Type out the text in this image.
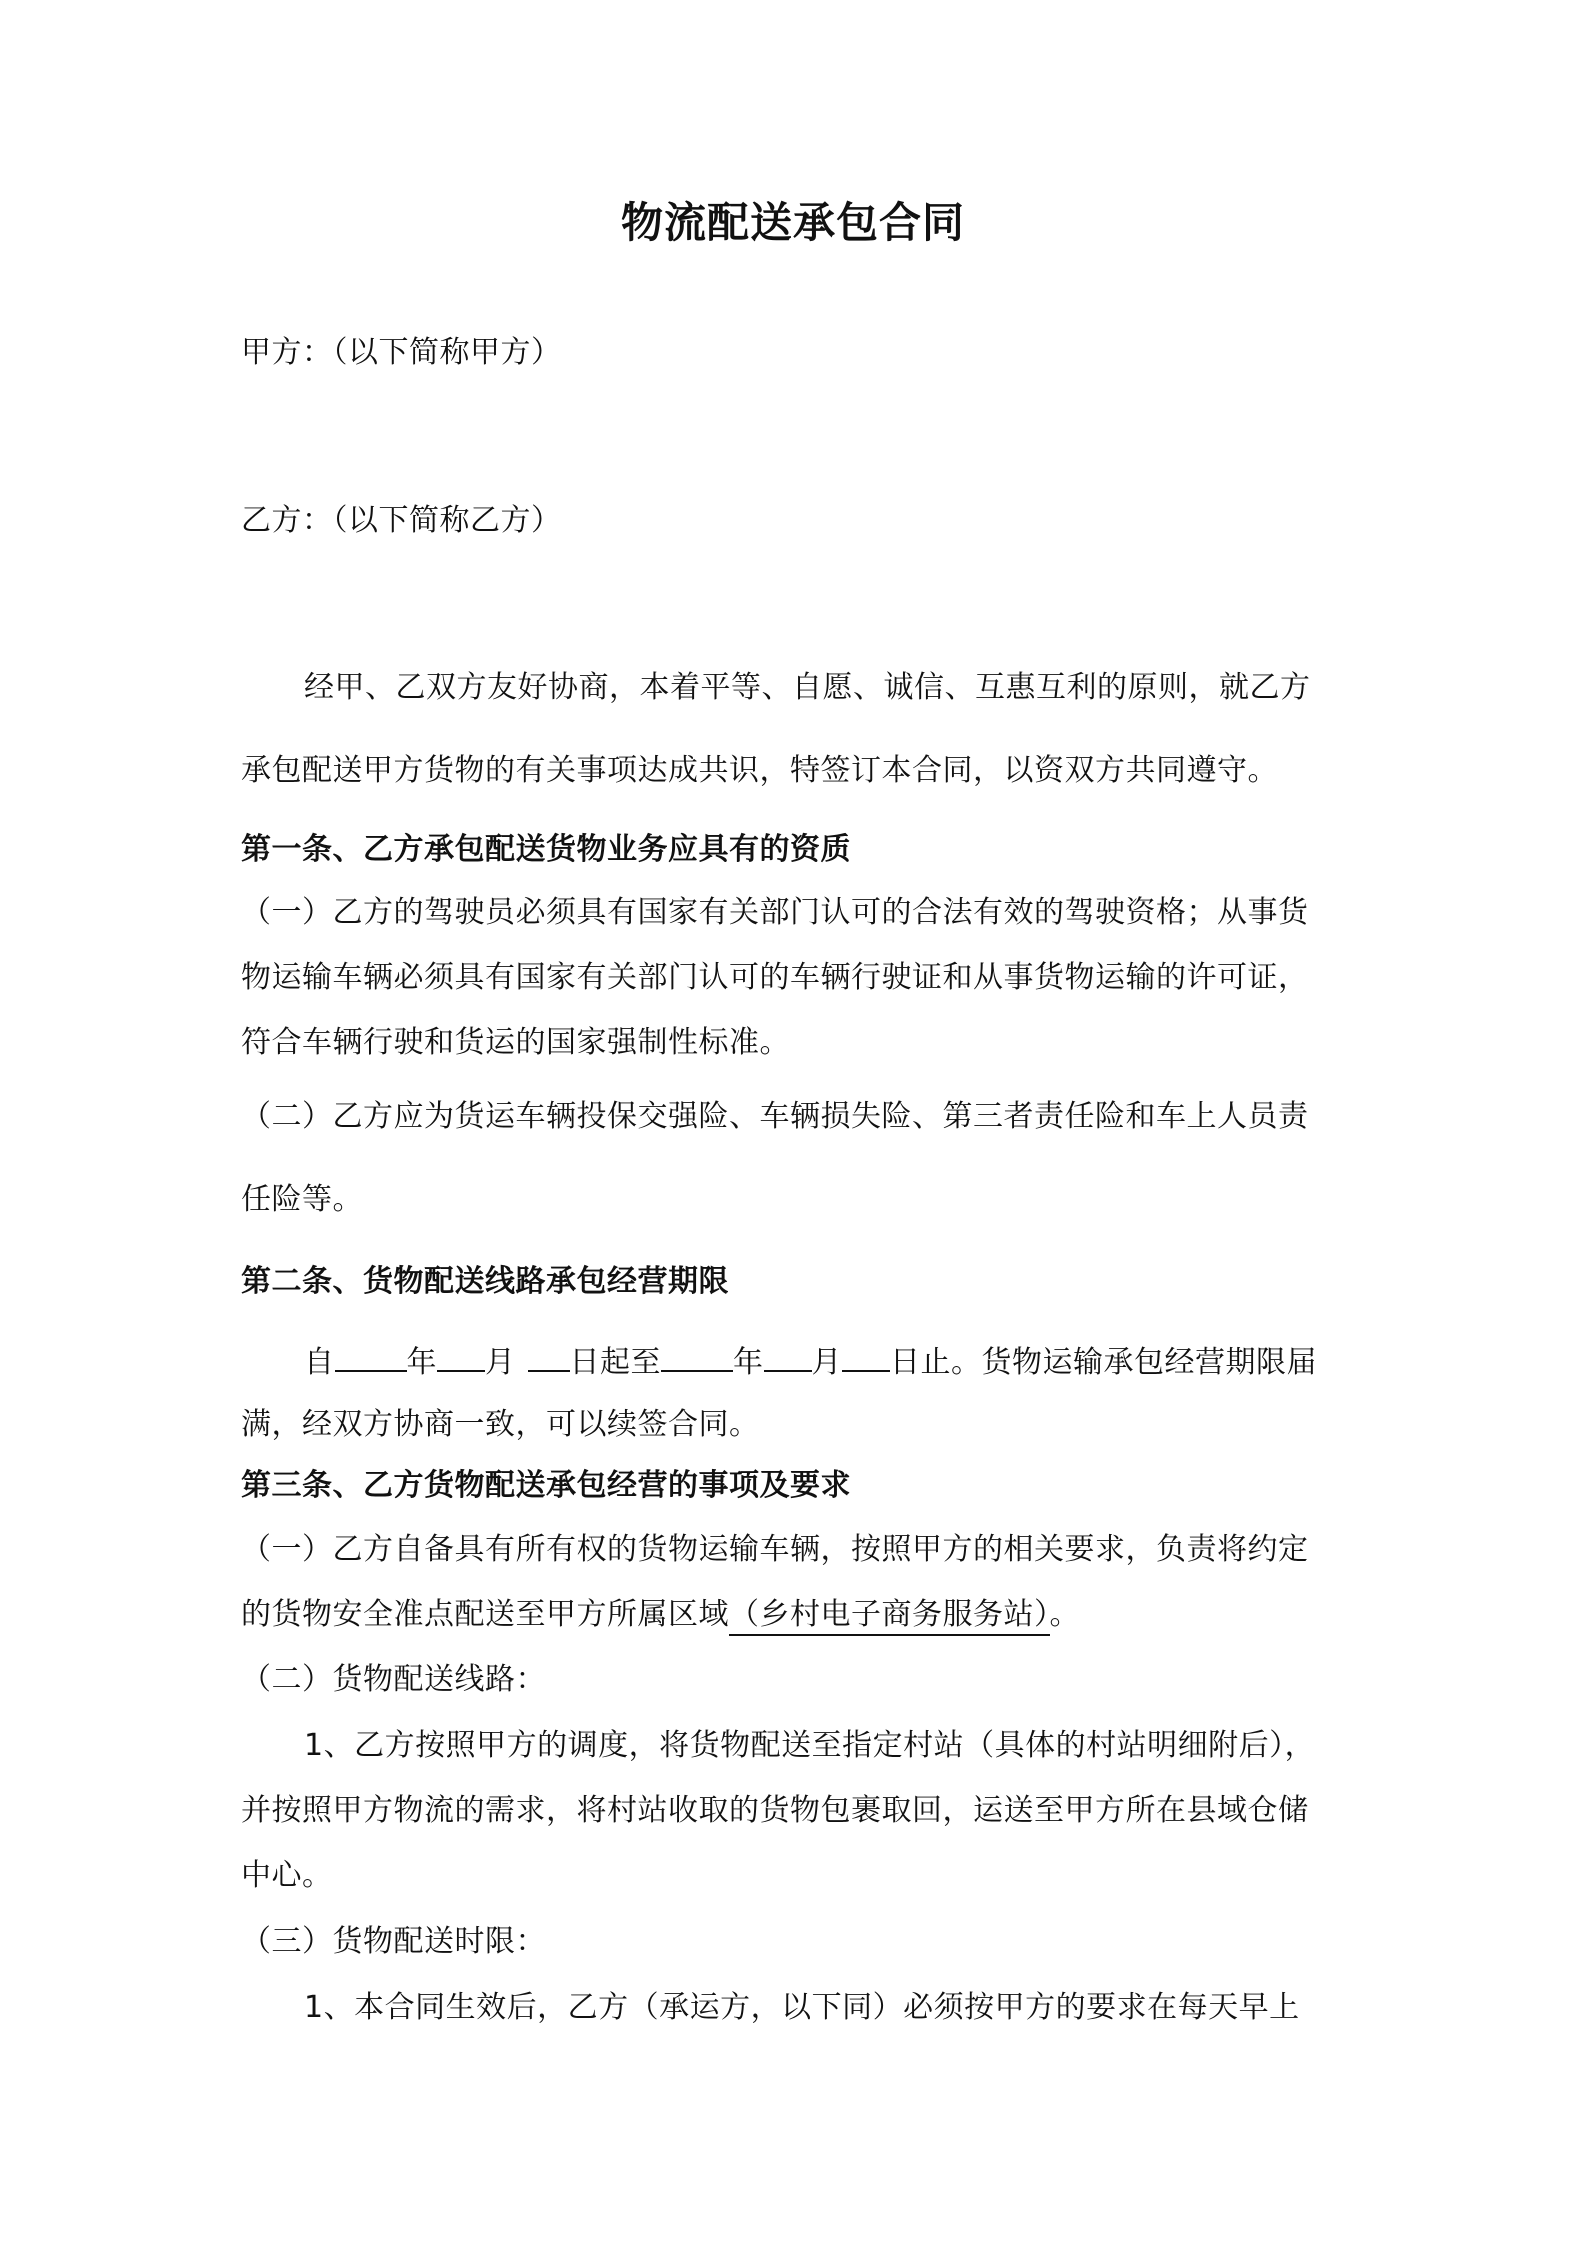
物流配送承包合同
甲方：（以下简称甲方）
乙方：（以下简称乙方）
经甲、乙双方友好协商，本着平等、自愿、诚信、互惠互利的原则，就乙方
承包配送甲方货物的有关事项达成共识，特签订本合同，以资双方共同遵守。
第一条、乙方承包配送货物业务应具有的资质
（一）乙方的驾驶员必须具有国家有关部门认可的合法有效的驾驶资格；从事货
物运输车辆必须具有国家有关部门认可的车辆行驶证和从事货物运输的许可证，
符合车辆行驶和货运的国家强制性标准。
（二）乙方应为货运车辆投保交强险、车辆损失险、第三者责任险和车上人员责
任险等。
第二条、货物配送线路承包经营期限
自 年 月 日起至 年 月 日止。货物运输承包经营期限届
满，经双方协商一致，可以续签合同。
第三条、乙方货物配送承包经营的事项及要求
（一）乙方自备具有所有权的货物运输车辆，按照甲方的相关要求，负责将约定
的货物安全准点配送至甲方所属区域（乡村电子商务服务站）。
（二）货物配送线路：
1、乙方按照甲方的调度，将货物配送至指定村站（具体的村站明细附后），
并按照甲方物流的需求，将村站收取的货物包裹取回，运送至甲方所在县域仓储
中心。
（三）货物配送时限：
1、本合同生效后，乙方（承运方，以下同）必须按甲方的要求在每天早上
